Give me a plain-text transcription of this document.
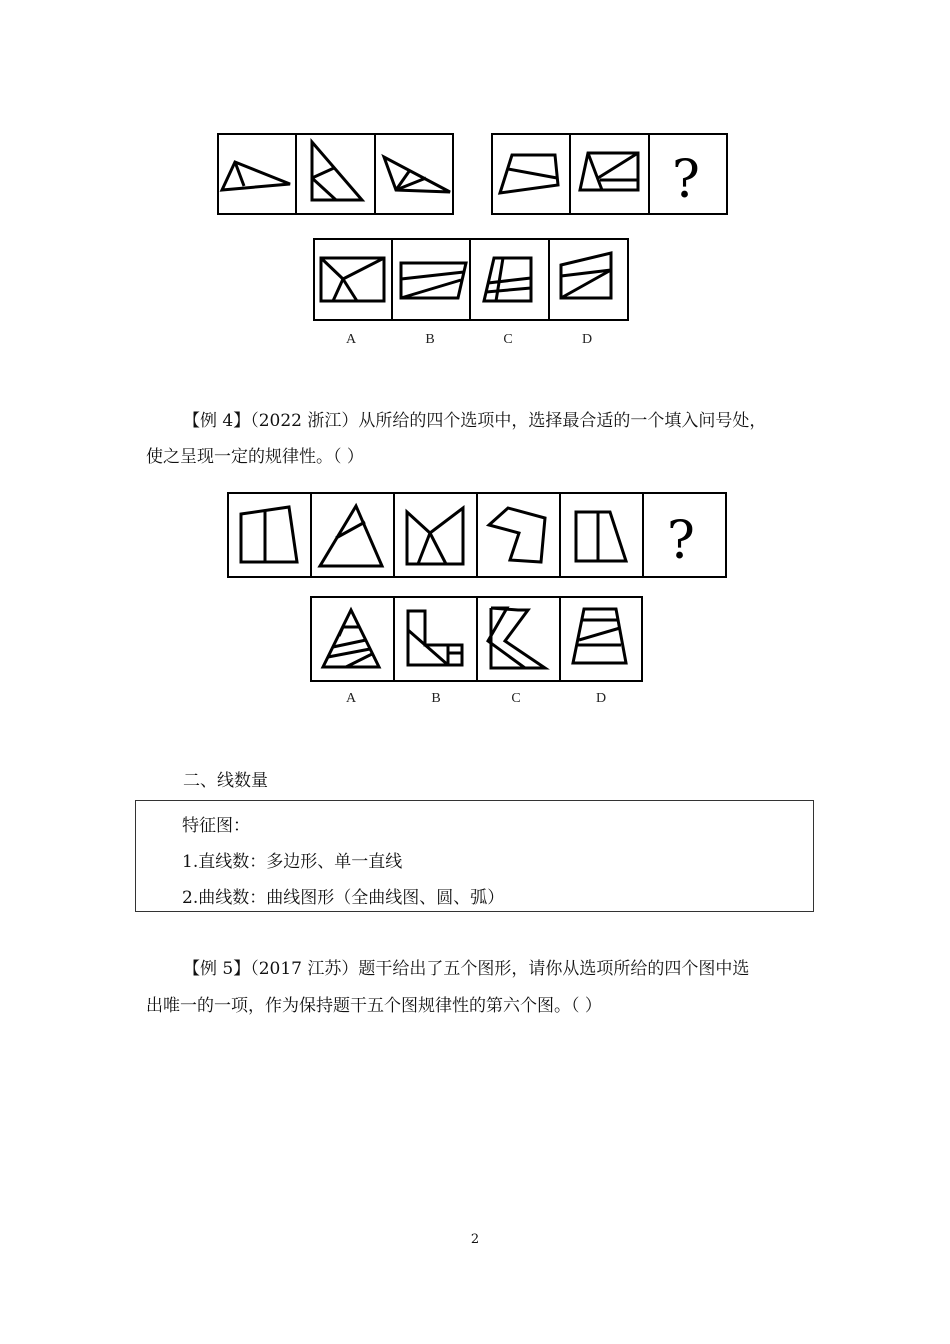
?
A	B	C	D
【例 4】（2022 浙江）从所给的四个选项中，选择最合适的一个填入问号处，
使之呈现一定的规律性。（ ）
?
A	B	C	D
二、线数量
特征图：
1.直线数：多边形、单一直线
2.曲线数：曲线图形（全曲线图、圆、弧）
【例 5】（2017 江苏）题干给出了五个图形，请你从选项所给的四个图中选
出唯一的一项，作为保持题干五个图规律性的第六个图。（ ）
2
